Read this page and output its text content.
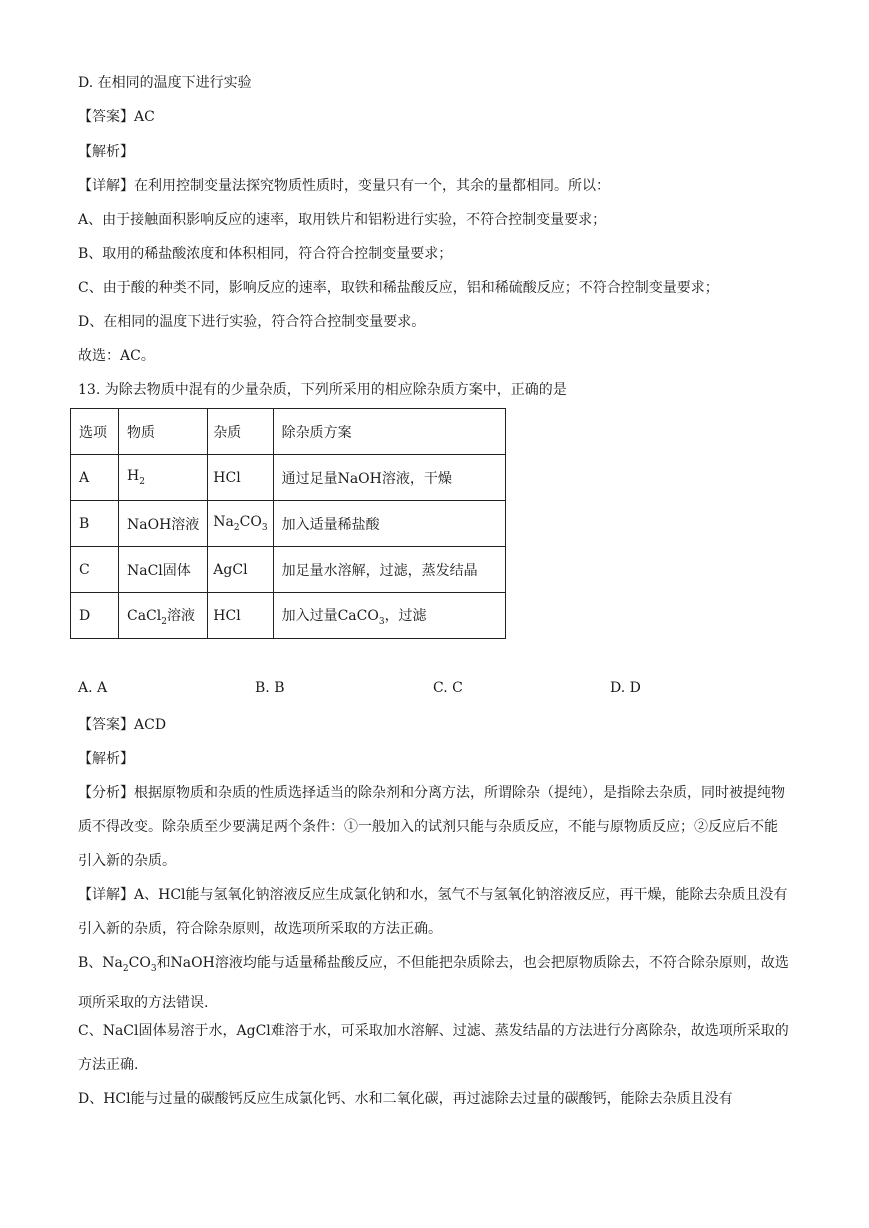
D. 在相同的温度下进行实验

【答案】AC

【解析】

【详解】在利用控制变量法探究物质性质时，变量只有一个，其余的量都相同。所以：

A、由于接触面积影响反应的速率，取用铁片和铝粉进行实验，不符合控制变量要求；

B、取用的稀盐酸浓度和体积相同，符合符合控制变量要求；

C、由于酸的种类不同，影响反应的速率，取铁和稀盐酸反应，铝和稀硫酸反应；不符合控制变量要求；

D、在相同的温度下进行实验，符合符合控制变量要求。

故选：AC。

13. 为除去物质中混有的少量杂质，下列所采用的相应除杂质方案中，正确的是

选项	物质	杂质	除杂质方案
A	$H_2$	HCl	通过足量NaOH溶液，干燥
B	NaOH溶液	$Na_2CO_3$	加入适量稀盐酸
C	NaCl固体	AgCl	加足量水溶解，过滤，蒸发结晶
D	CaCl$_2$溶液	HCl	加入过量CaCO$_3$，过滤
A. A	B. B	C. C	D. D

【答案】ACD

【解析】

【分析】根据原物质和杂质的性质选择适当的除杂剂和分离方法，所谓除杂（提纯），是指除去杂质，同时被提纯物质不得改变。除杂质至少要满足两个条件：①一般加入的试剂只能与杂质反应，不能与原物质反应；②反应后不能引入新的杂质。

【详解】A、HCl能与氢氧化钠溶液反应生成氯化钠和水，氢气不与氢氧化钠溶液反应，再干燥，能除去杂质且没有引入新的杂质，符合除杂原则，故选项所采取的方法正确。

B、$Na_2CO_3$和NaOH溶液均能与适量稀盐酸反应，不但能把杂质除去，也会把原物质除去，不符合除杂原则，故选项所采取的方法错误.

C、NaCl固体易溶于水，AgCl难溶于水，可采取加水溶解、过滤、蒸发结晶的方法进行分离除杂，故选项所采取的方法正确.

D、HCl能与过量的碳酸钙反应生成氯化钙、水和二氧化碳，再过滤除去过量的碳酸钙，能除去杂质且没有
